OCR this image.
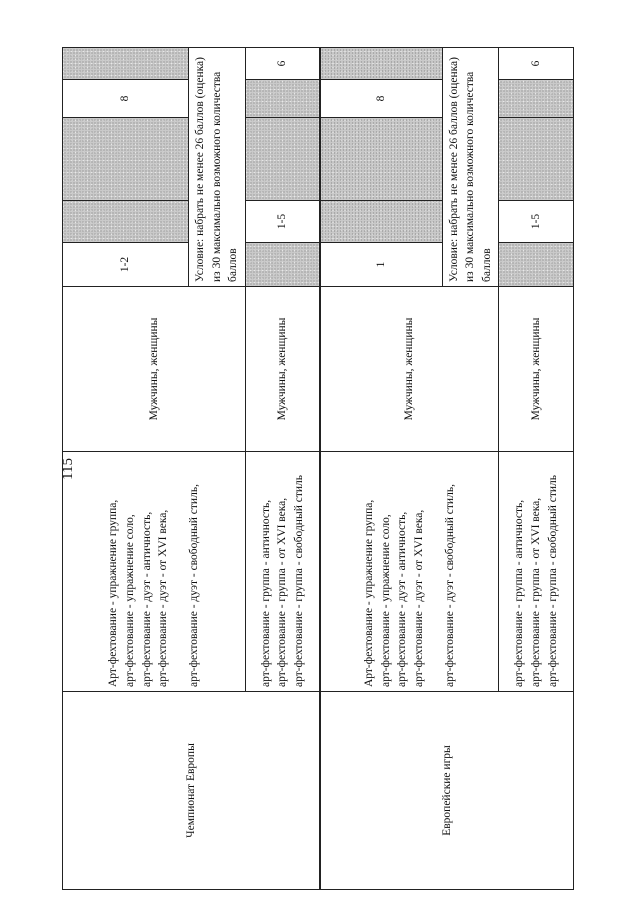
115
Чемпионат Европы	Арт-фехтование - упражнение группа, арт-фехтование - упражнение соло, арт-фехтование - дуэт - античность, арт-фехтование - дуэт - от XVI века, арт-фехтование - дуэт - свободный стиль,	Мужчины, женщины	1-2			8	
			Условие: набрать не менее 26 баллов (оценка) из 30 максимально возможного количества баллов				

	арт-фехтование - группа - античность, арт-фехтование - группа - от XVI века, арт-фехтование - группа - свободный стиль	Мужчины, женщины		1-5			6
Европейские игры	Арт-фехтование - упражнение группа, арт-фехтование - упражнение соло, арт-фехтование - дуэт - античность, арт-фехтование - дуэт - от XVI века, арт-фехтование - дуэт - свободный стиль,	Мужчины, женщины	1			8	
			Условие: набрать не менее 26 баллов (оценка) из 30 максимально возможного количества баллов				

	арт-фехтование - группа - античность, арт-фехтование - группа - от XVI века, арт-фехтование - группа - свободный стиль	Мужчины, женщины		1-5			6
